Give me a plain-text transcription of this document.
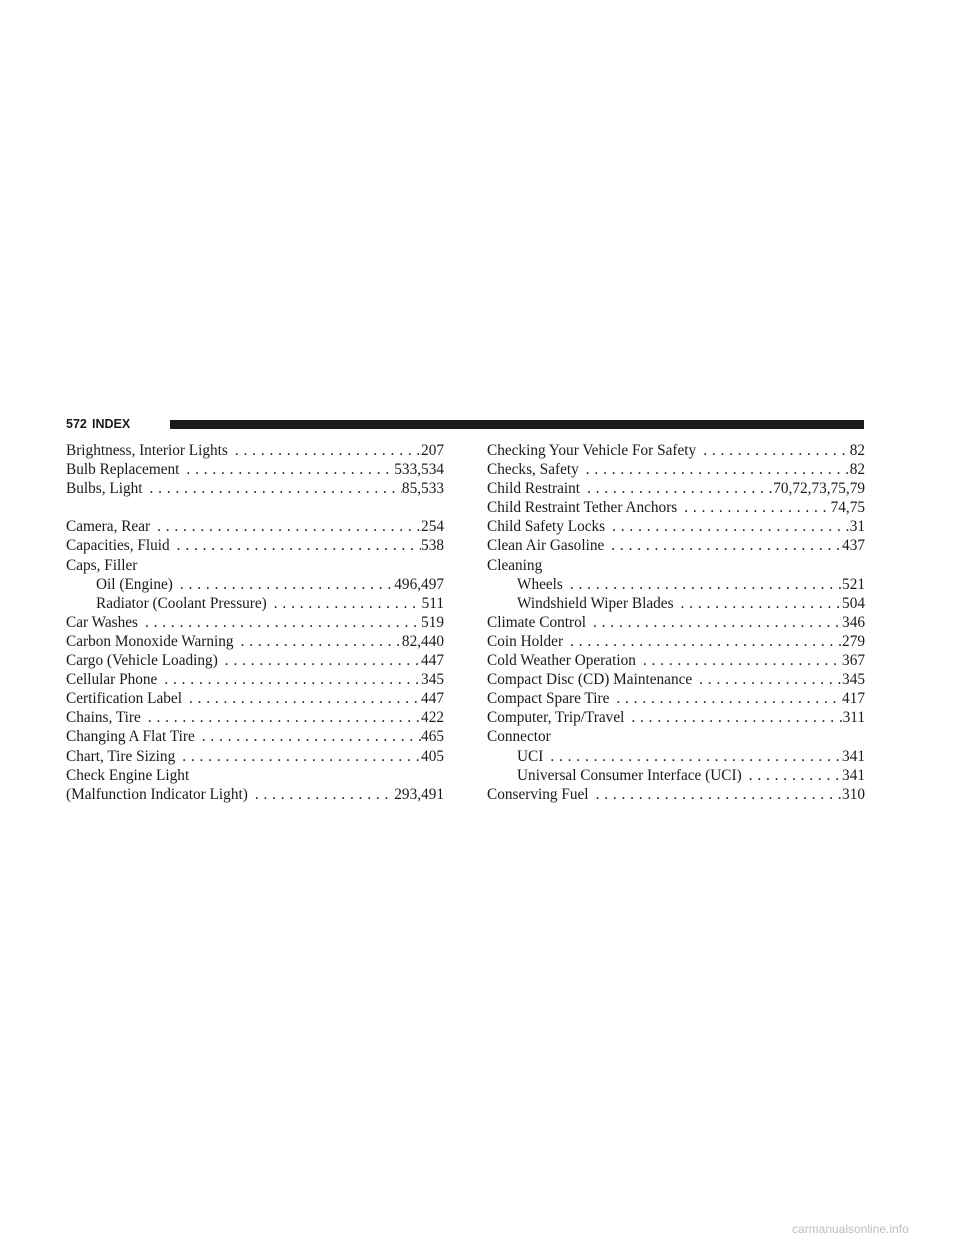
572 INDEX
Brightness, Interior Lights . . .	207
Bulb Replacement . . .	533,534
Bulbs, Light . . .	85,533
Camera, Rear . . .	254
Capacities, Fluid . . .	538
Caps, Filler
Oil (Engine) . . .	496,497
Radiator (Coolant Pressure) . . .	511
Car Washes . . .	519
Carbon Monoxide Warning . . .	82,440
Cargo (Vehicle Loading) . . .	447
Cellular Phone . . .	345
Certification Label . . .	447
Chains, Tire . . .	422
Changing A Flat Tire . . .	465
Chart, Tire Sizing . . .	405
Check Engine Light
(Malfunction Indicator Light) . . .	293,491
Checking Your Vehicle For Safety . . .	82
Checks, Safety . . .	82
Child Restraint . . .	70,72,73,75,79
Child Restraint Tether Anchors . . .	74,75
Child Safety Locks . . .	31
Clean Air Gasoline . . .	437
Cleaning
Wheels . . .	521
Windshield Wiper Blades . . .	504
Climate Control . . .	346
Coin Holder . . .	279
Cold Weather Operation . . .	367
Compact Disc (CD) Maintenance . . .	345
Compact Spare Tire . . .	417
Computer, Trip/Travel . . .	311
Connector
UCI . . .	341
Universal Consumer Interface (UCI) . . .	341
Conserving Fuel . . .	310
carmanualsonline.info
